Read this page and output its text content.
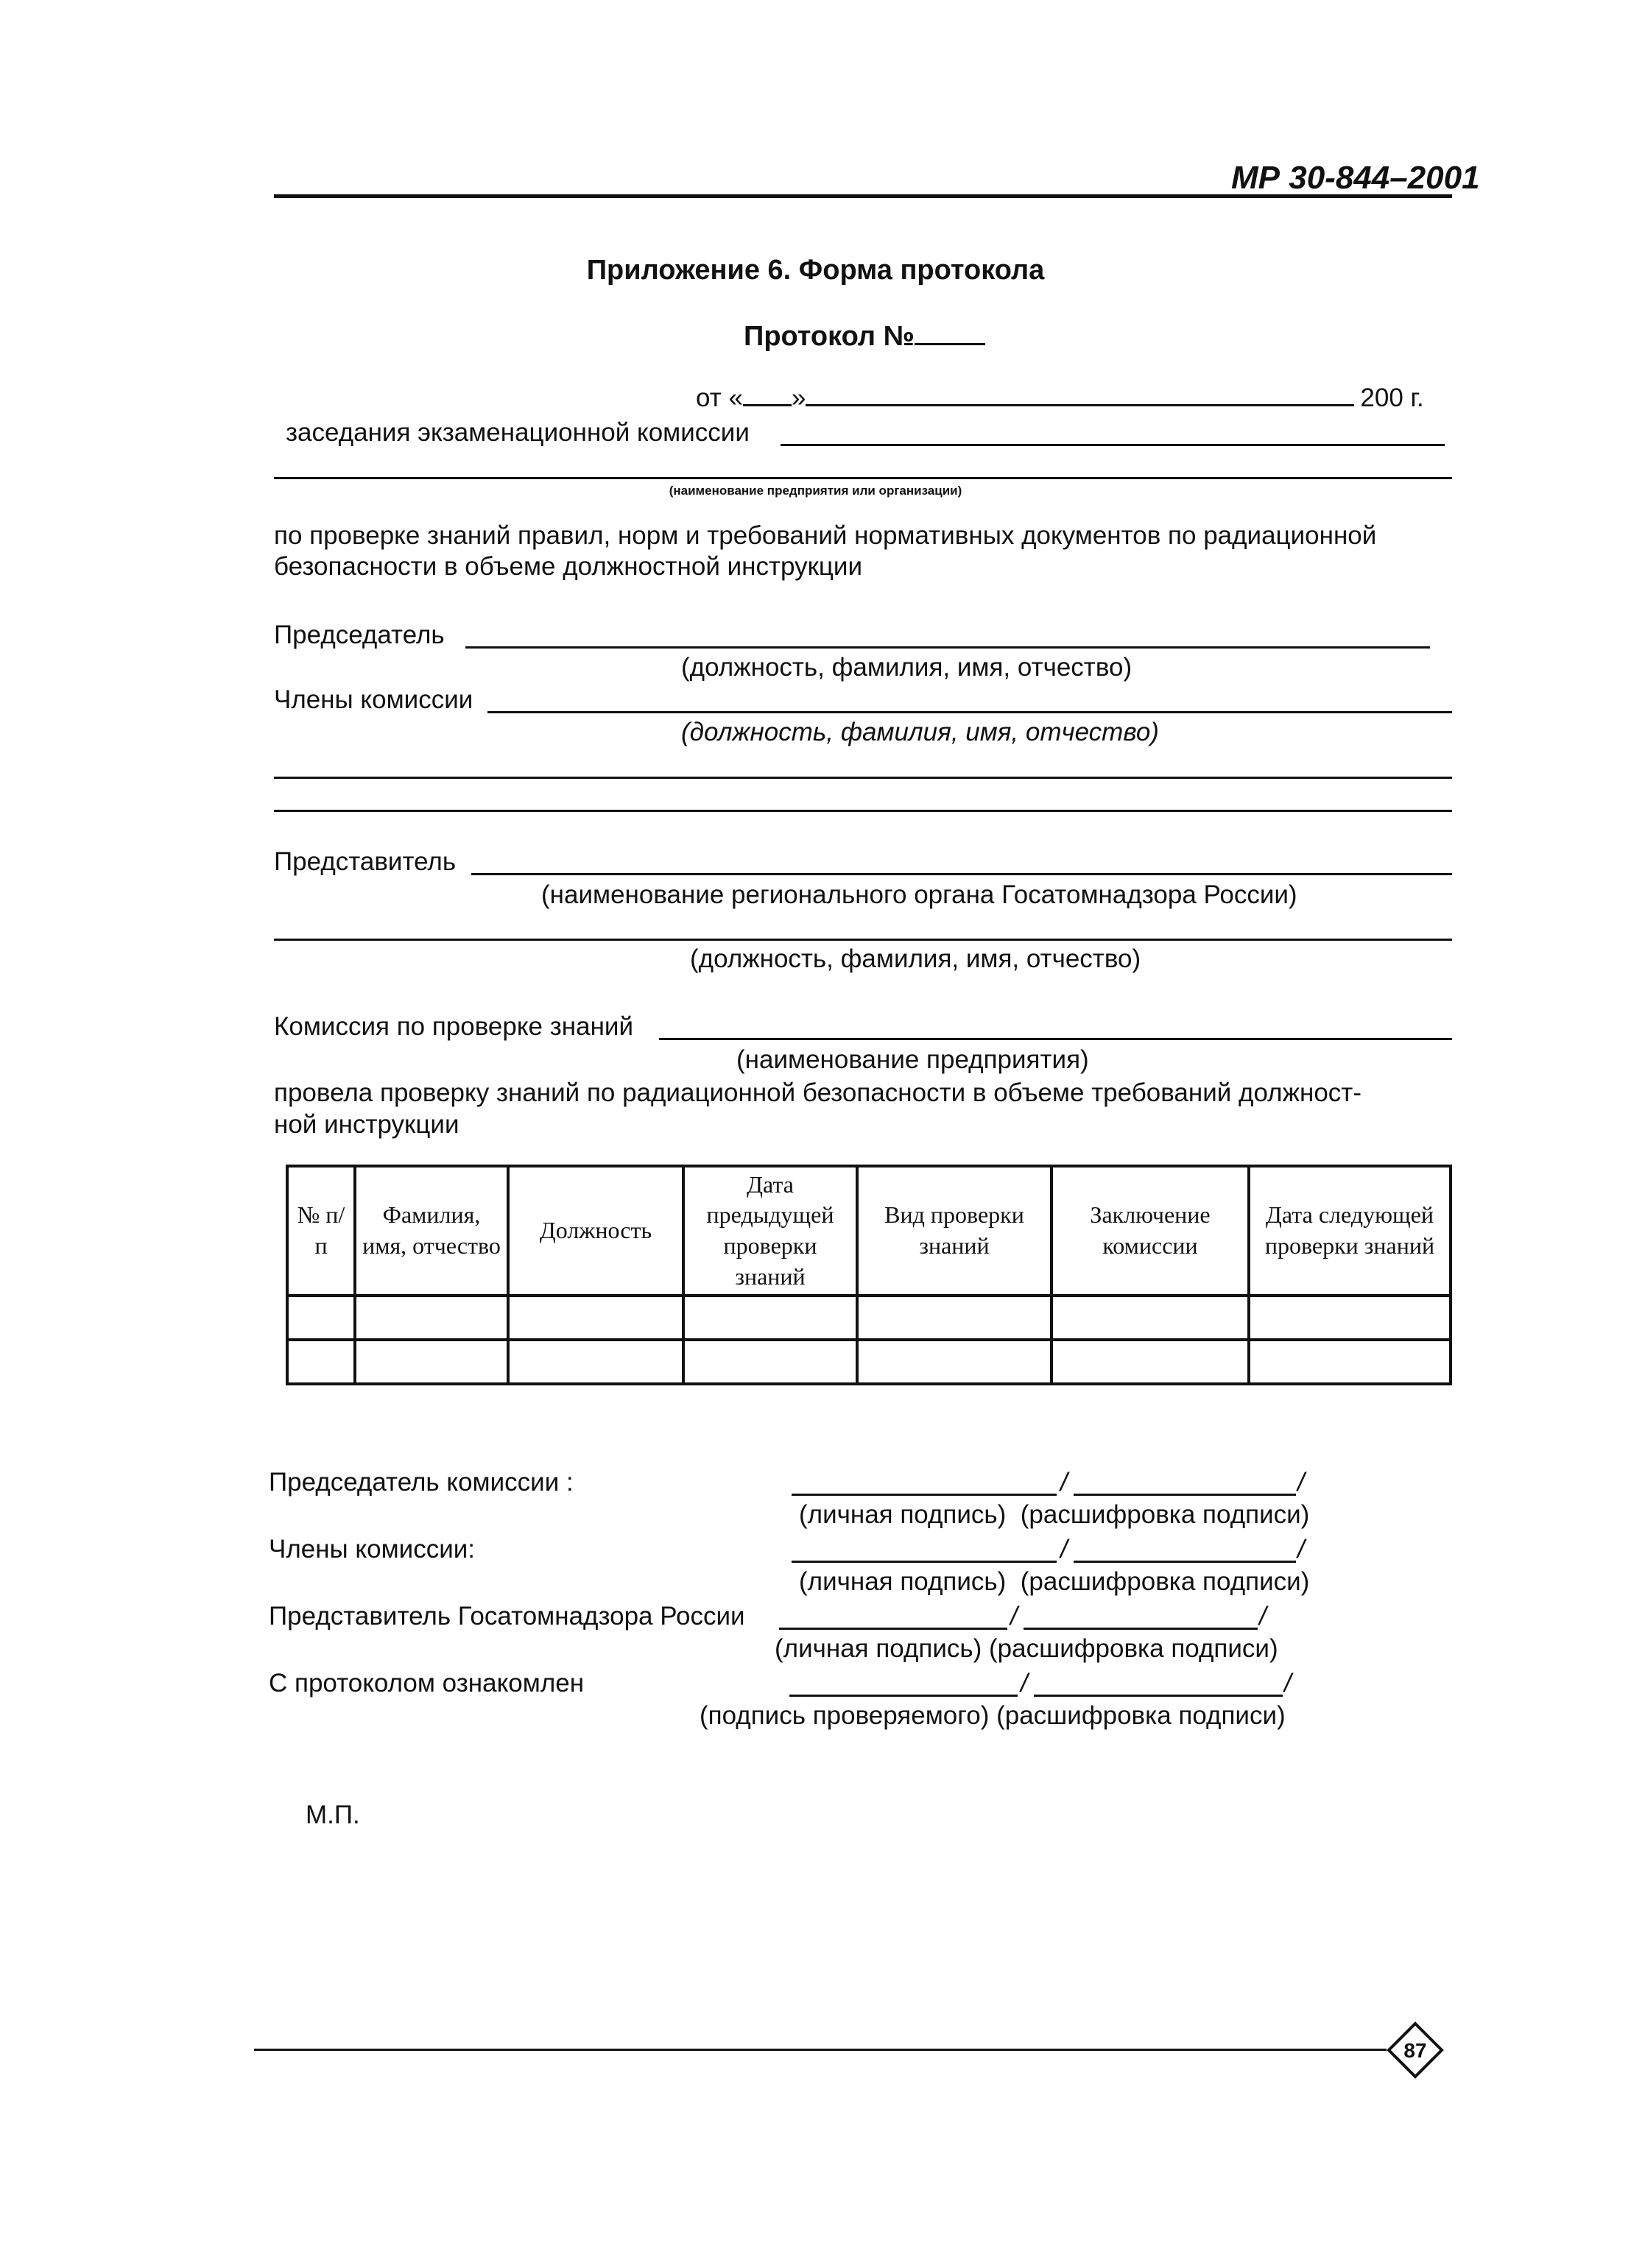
МР 30-844–2001
Приложение 6. Форма протокола
Протокол №
от « »	200 г.
заседания экзаменационной комиссии
(наименование предприятия или организации)
по проверке знаний правил, норм и требований нормативных документов по радиационной
безопасности в объеме должностной инструкции
Председатель
(должность, фамилия, имя, отчество)
Члены комиссии
(должность, фамилия, имя, отчество)
Представитель
(наименование регионального органа Госатомнадзора России)
(должность, фамилия, имя, отчество)
Комиссия по проверке знаний
(наименование предприятия)
провела проверку знаний по радиационной безопасности в объеме требований должност-
ной инструкции
№ п/п	Фамилия, имя, отчество	Должность	Дата предыдущей проверки знаний	Вид проверки знаний	Заключение комиссии	Дата следующей проверки знаний

Председатель комиссии :	/	/
(личная подпись)  (расшифровка подписи)
Члены комиссии:	/	/
(личная подпись)  (расшифровка подписи)
Представитель Госатомнадзора России	/	/
(личная подпись) (расшифровка подписи)
С протоколом ознакомлен	/	/
(подпись проверяемого) (расшифровка подписи)
М.П.
87
